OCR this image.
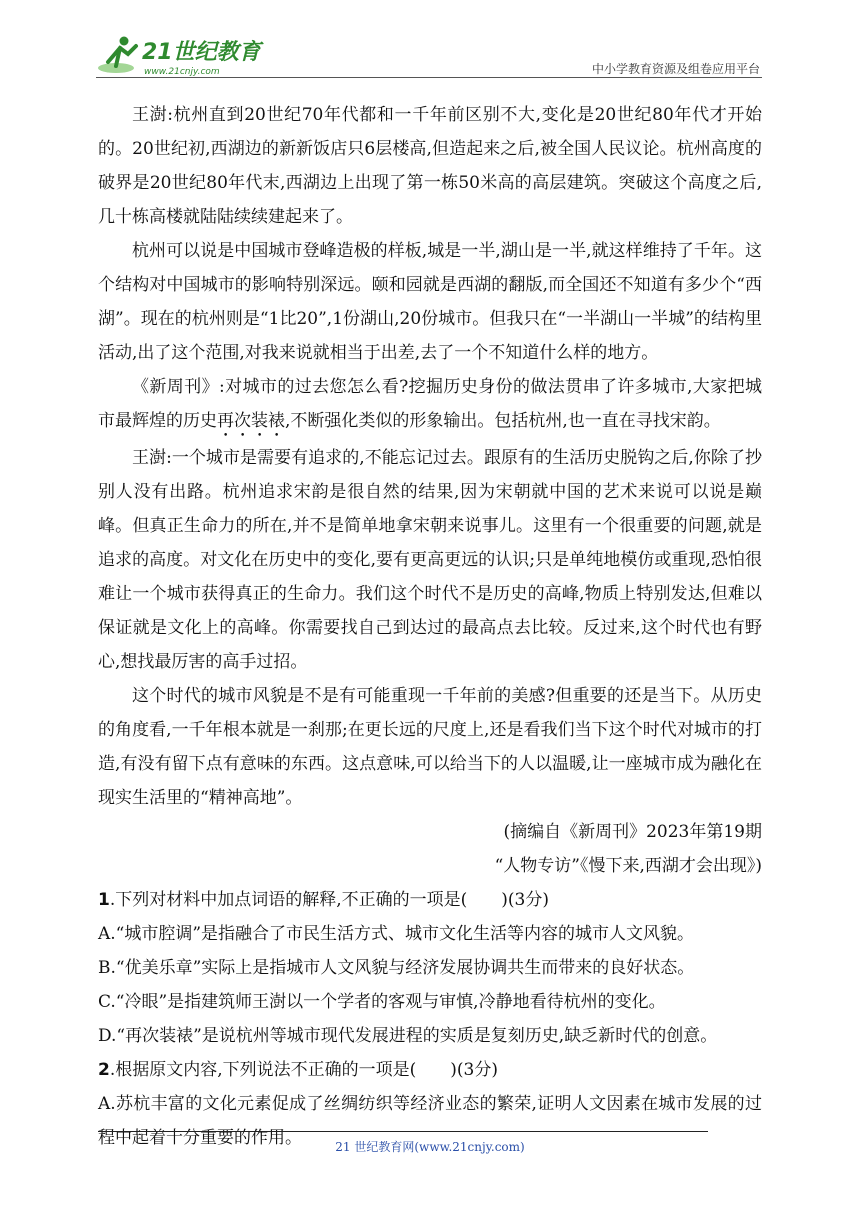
21世纪教育
www.21cnjy.com	中小学教育资源及组卷应用平台

王澍:杭州直到20世纪70年代都和一千年前区别不大,变化是20世纪80年代才开始的。20世纪初,西湖边的新新饭店只6层楼高,但造起来之后,被全国人民议论。杭州高度的破界是20世纪80年代末,西湖边上出现了第一栋50米高的高层建筑。突破这个高度之后,几十栋高楼就陆陆续续建起来了。

杭州可以说是中国城市登峰造极的样板,城是一半,湖山是一半,就这样维持了千年。这个结构对中国城市的影响特别深远。颐和园就是西湖的翻版,而全国还不知道有多少个“西湖”。现在的杭州则是“1比20”,1份湖山,20份城市。但我只在“一半湖山一半城”的结构里活动,出了这个范围,对我来说就相当于出差,去了一个不知道什么样的地方。

《新周刊》:对城市的过去您怎么看?挖掘历史身份的做法贯串了许多城市,大家把城市最辉煌的历史再次装裱,不断强化类似的形象输出。包括杭州,也一直在寻找宋韵。

王澍:一个城市是需要有追求的,不能忘记过去。跟原有的生活历史脱钩之后,你除了抄别人没有出路。杭州追求宋韵是很自然的结果,因为宋朝就中国的艺术来说可以说是巅峰。但真正生命力的所在,并不是简单地拿宋朝来说事儿。这里有一个很重要的问题,就是追求的高度。对文化在历史中的变化,要有更高更远的认识;只是单纯地模仿或重现,恐怕很难让一个城市获得真正的生命力。我们这个时代不是历史的高峰,物质上特别发达,但难以保证就是文化上的高峰。你需要找自己到达过的最高点去比较。反过来,这个时代也有野心,想找最厉害的高手过招。

这个时代的城市风貌是不是有可能重现一千年前的美感?但重要的还是当下。从历史的角度看,一千年根本就是一刹那;在更长远的尺度上,还是看我们当下这个时代对城市的打造,有没有留下点有意味的东西。这点意味,可以给当下的人以温暖,让一座城市成为融化在现实生活里的“精神高地”。

(摘编自《新周刊》2023年第19期

“人物专访”《慢下来,西湖才会出现》)

1.下列对材料中加点词语的解释,不正确的一项是(　　)(3分)

A.“城市腔调”是指融合了市民生活方式、城市文化生活等内容的城市人文风貌。

B.“优美乐章”实际上是指城市人文风貌与经济发展协调共生而带来的良好状态。

C.“冷眼”是指建筑师王澍以一个学者的客观与审慎,冷静地看待杭州的变化。

D.“再次装裱”是说杭州等城市现代发展进程的实质是复刻历史,缺乏新时代的创意。

2.根据原文内容,下列说法不正确的一项是(　　)(3分)

A.苏杭丰富的文化元素促成了丝绸纺织等经济业态的繁荣,证明人文因素在城市发展的过程中起着十分重要的作用。	21 世纪教育网(www.21cnjy.com)
